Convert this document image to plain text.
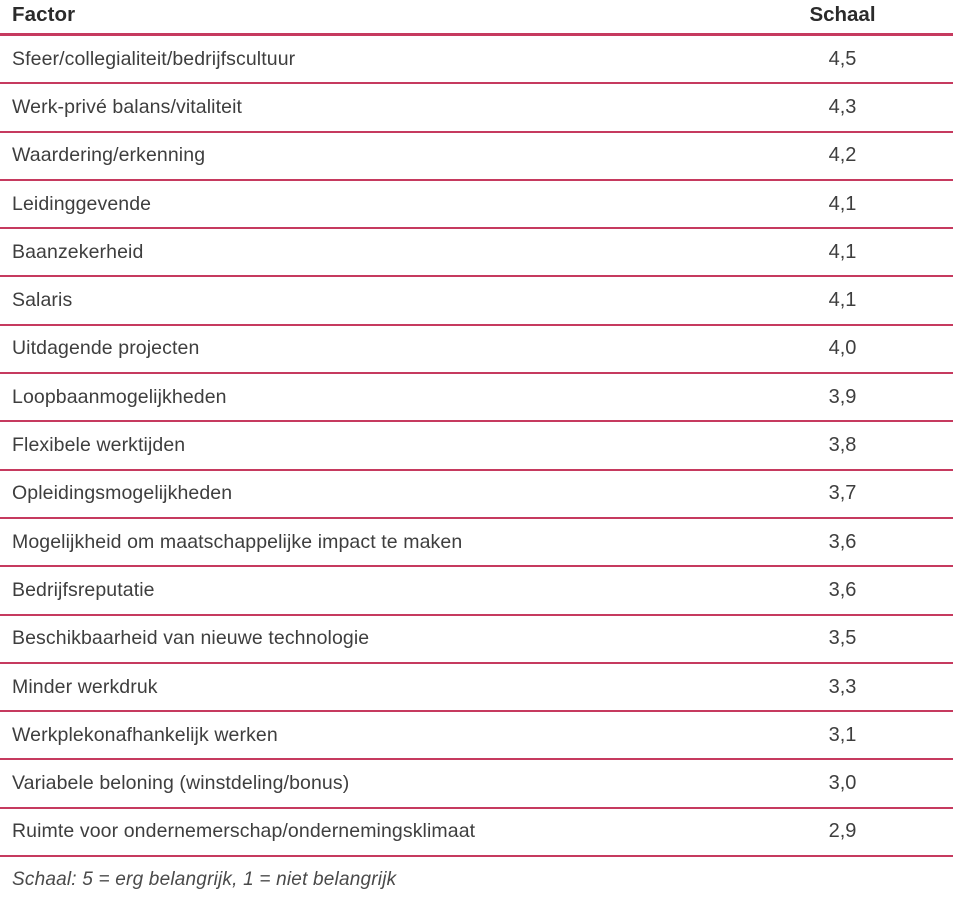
Factor	Schaal
Sfeer/collegialiteit/bedrijfscultuur	4,5
Werk-privé balans/vitaliteit	4,3
Waardering/erkenning	4,2
Leidinggevende	4,1
Baanzekerheid	4,1
Salaris	4,1
Uitdagende projecten	4,0
Loopbaanmogelijkheden	3,9
Flexibele werktijden	3,8
Opleidingsmogelijkheden	3,7
Mogelijkheid om maatschappelijke impact te maken	3,6
Bedrijfsreputatie	3,6
Beschikbaarheid van nieuwe technologie	3,5
Minder werkdruk	3,3
Werkplekonafhankelijk werken	3,1
Variabele beloning (winstdeling/bonus)	3,0
Ruimte voor ondernemerschap/ondernemingsklimaat	2,9
Schaal: 5 = erg belangrijk, 1 = niet belangrijk
